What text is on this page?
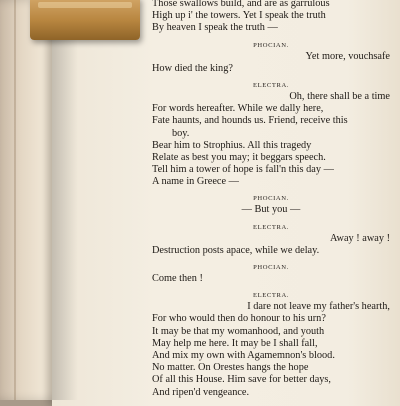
Those swallows build, and are as garrulous
High up i' the towers. Yet I speak the truth
By heaven I speak the truth —
PHOCIAN.
Yet more, vouchsafe
How died the king?
ELECTRA.
Oh, there shall be a time
For words hereafter. While we dally here,
Fate haunts, and hounds us. Friend, receive this
boy.
Bear him to Strophius. All this tragedy
Relate as best you may; it beggars speech.
Tell him a tower of hope is fall'n this day —
A name in Greece —
PHOCIAN.
— But you —
ELECTRA.
Away ! away !
Destruction posts apace, while we delay.
PHOCIAN.
Come then !
ELECTRA.
I dare not leave my father's hearth,
For who would then do honour to his urn?
It may be that my womanhood, and youth
May help me here. It may be I shall fall,
And mix my own with Agamemnon's blood.
No matter. On Orestes hangs the hope
Of all this House. Him save for better days,
And ripen'd vengeance.
